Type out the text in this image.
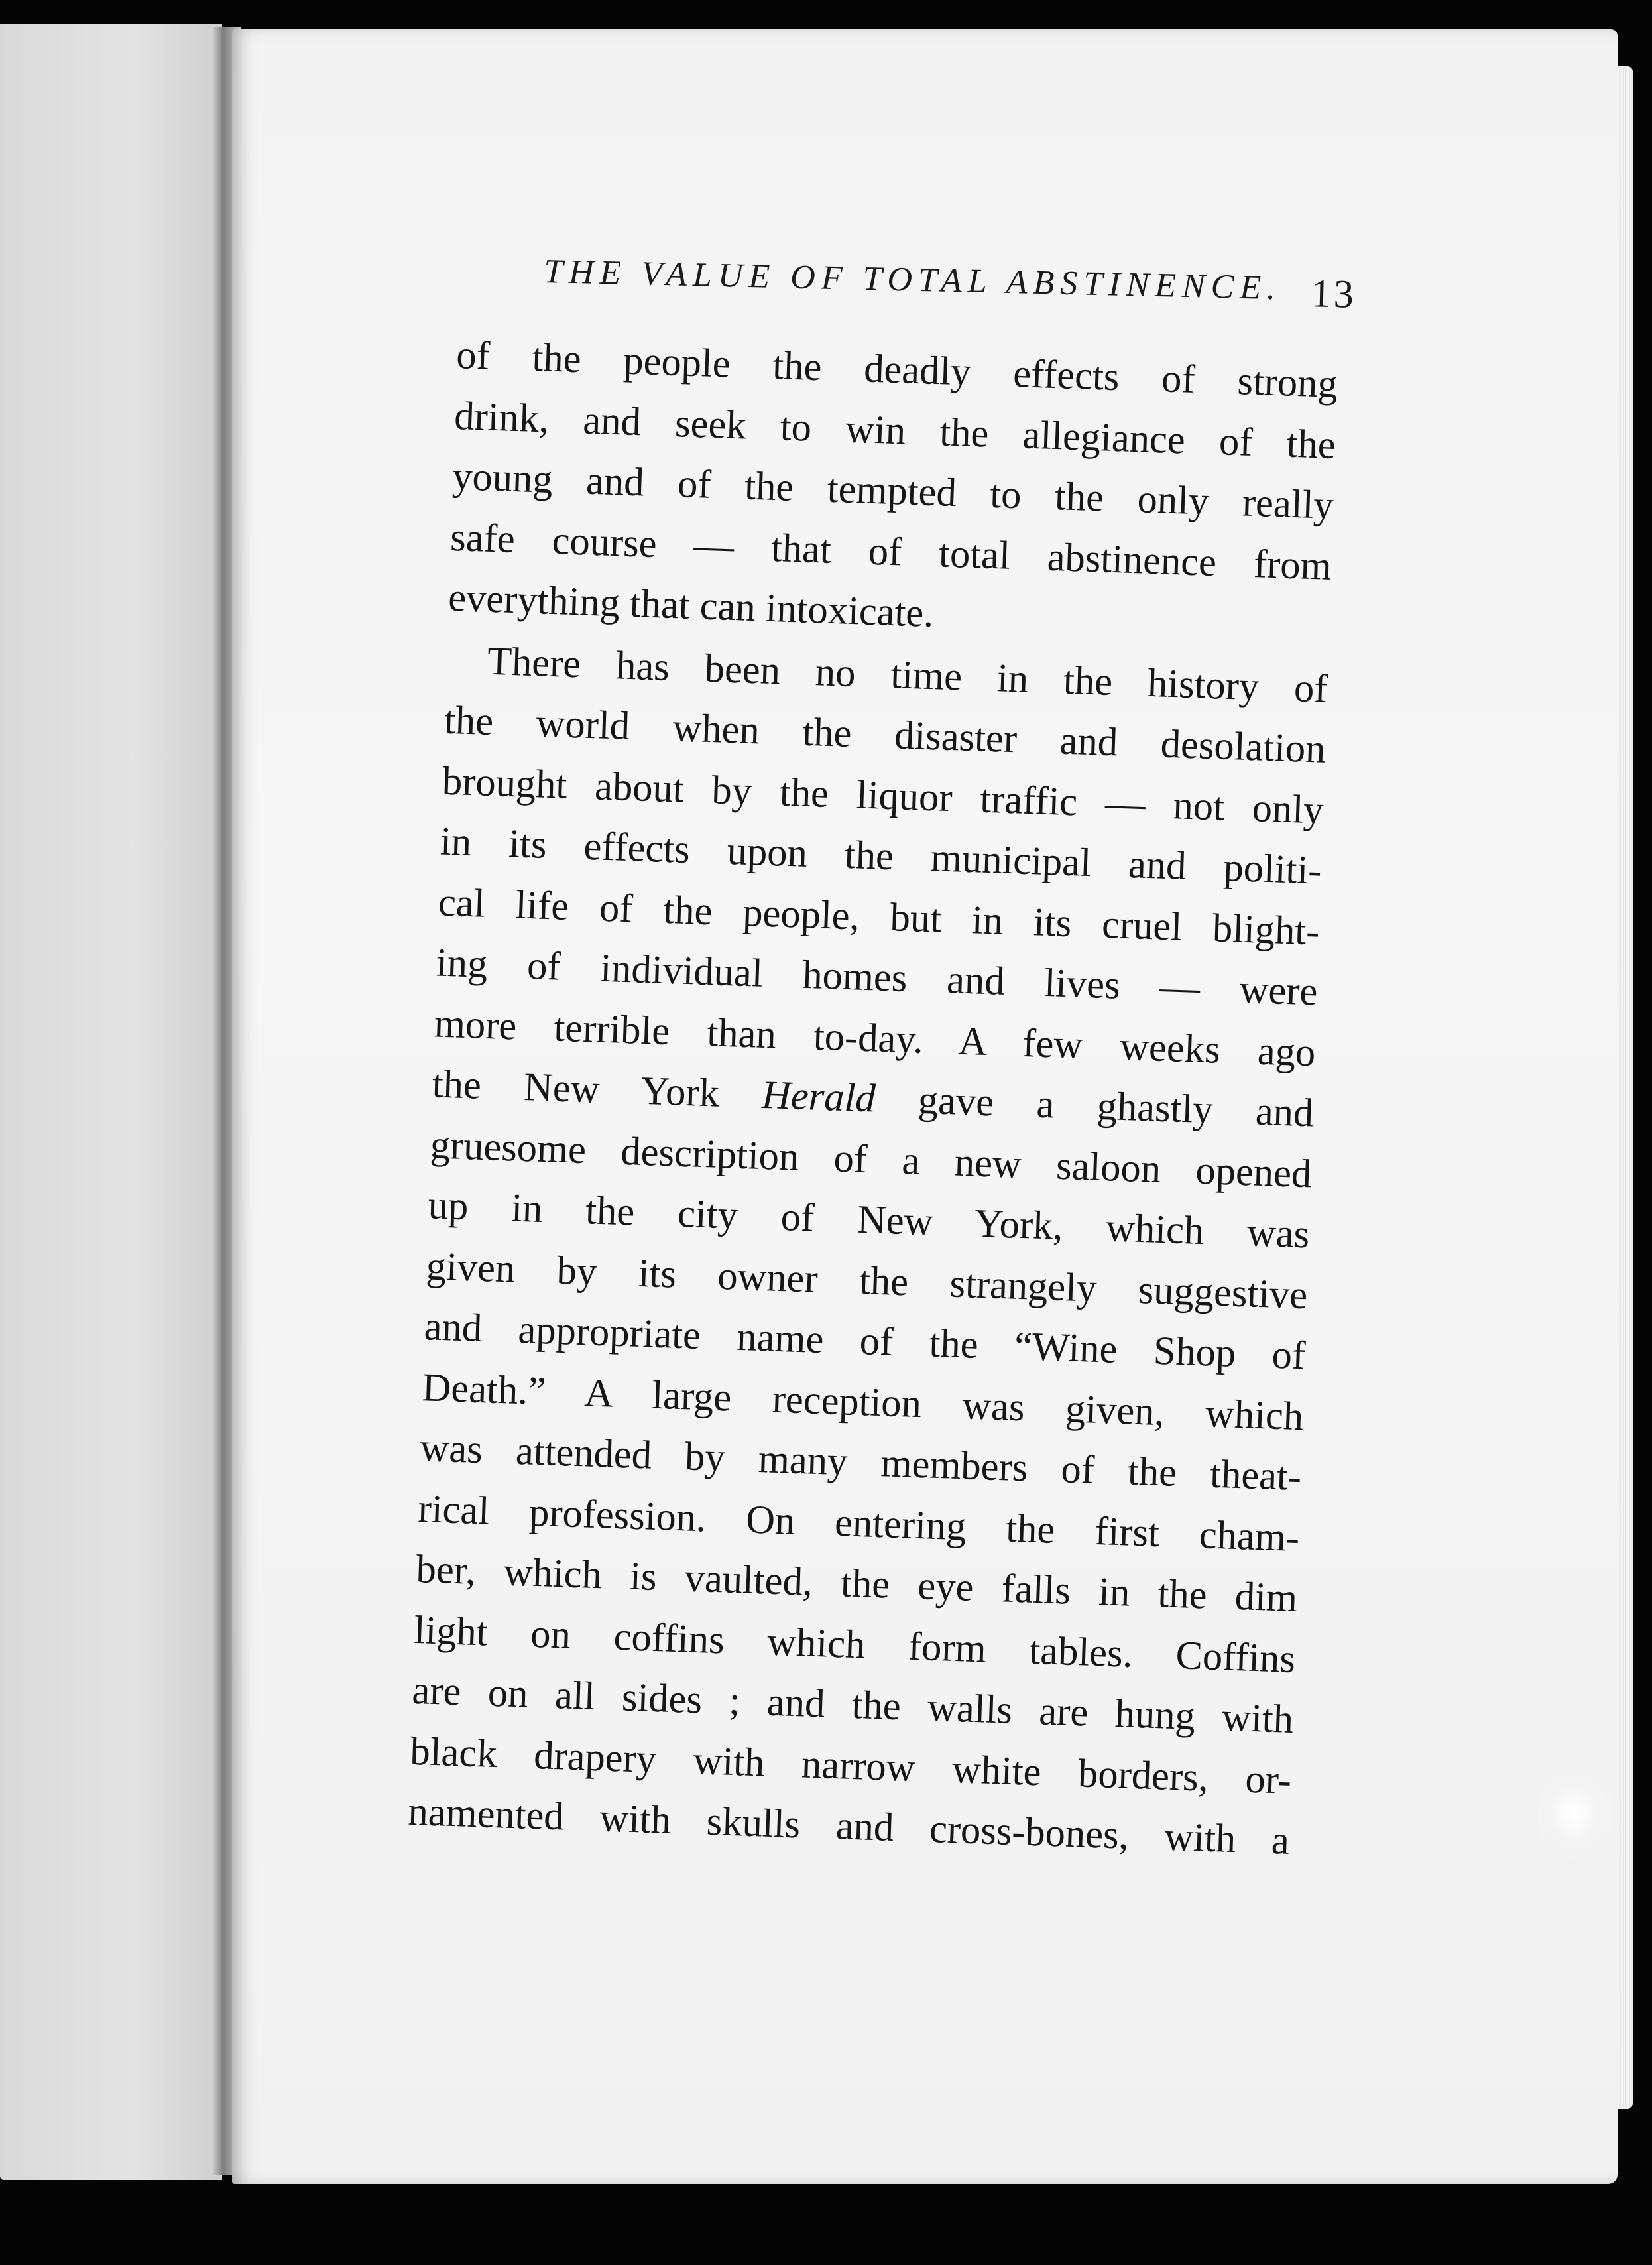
THE VALUE OF TOTAL ABSTINENCE. 13
of the people the deadly effects of strong
drink, and seek to win the allegiance of the
young and of the tempted to the only really
safe course — that of total abstinence from
everything that can intoxicate.
There has been no time in the history of
the world when the disaster and desolation
brought about by the liquor traffic — not only
in its effects upon the municipal and politi-
cal life of the people, but in its cruel blight-
ing of individual homes and lives — were
more terrible than to-day. A few weeks ago
the New York Herald gave a ghastly and
gruesome description of a new saloon opened
up in the city of New York, which was
given by its owner the strangely suggestive
and appropriate name of the “Wine Shop of
Death.” A large reception was given, which
was attended by many members of the theat-
rical profession. On entering the first cham-
ber, which is vaulted, the eye falls in the dim
light on coffins which form tables. Coffins
are on all sides ; and the walls are hung with
black drapery with narrow white borders, or-
namented with skulls and cross-bones, with a
